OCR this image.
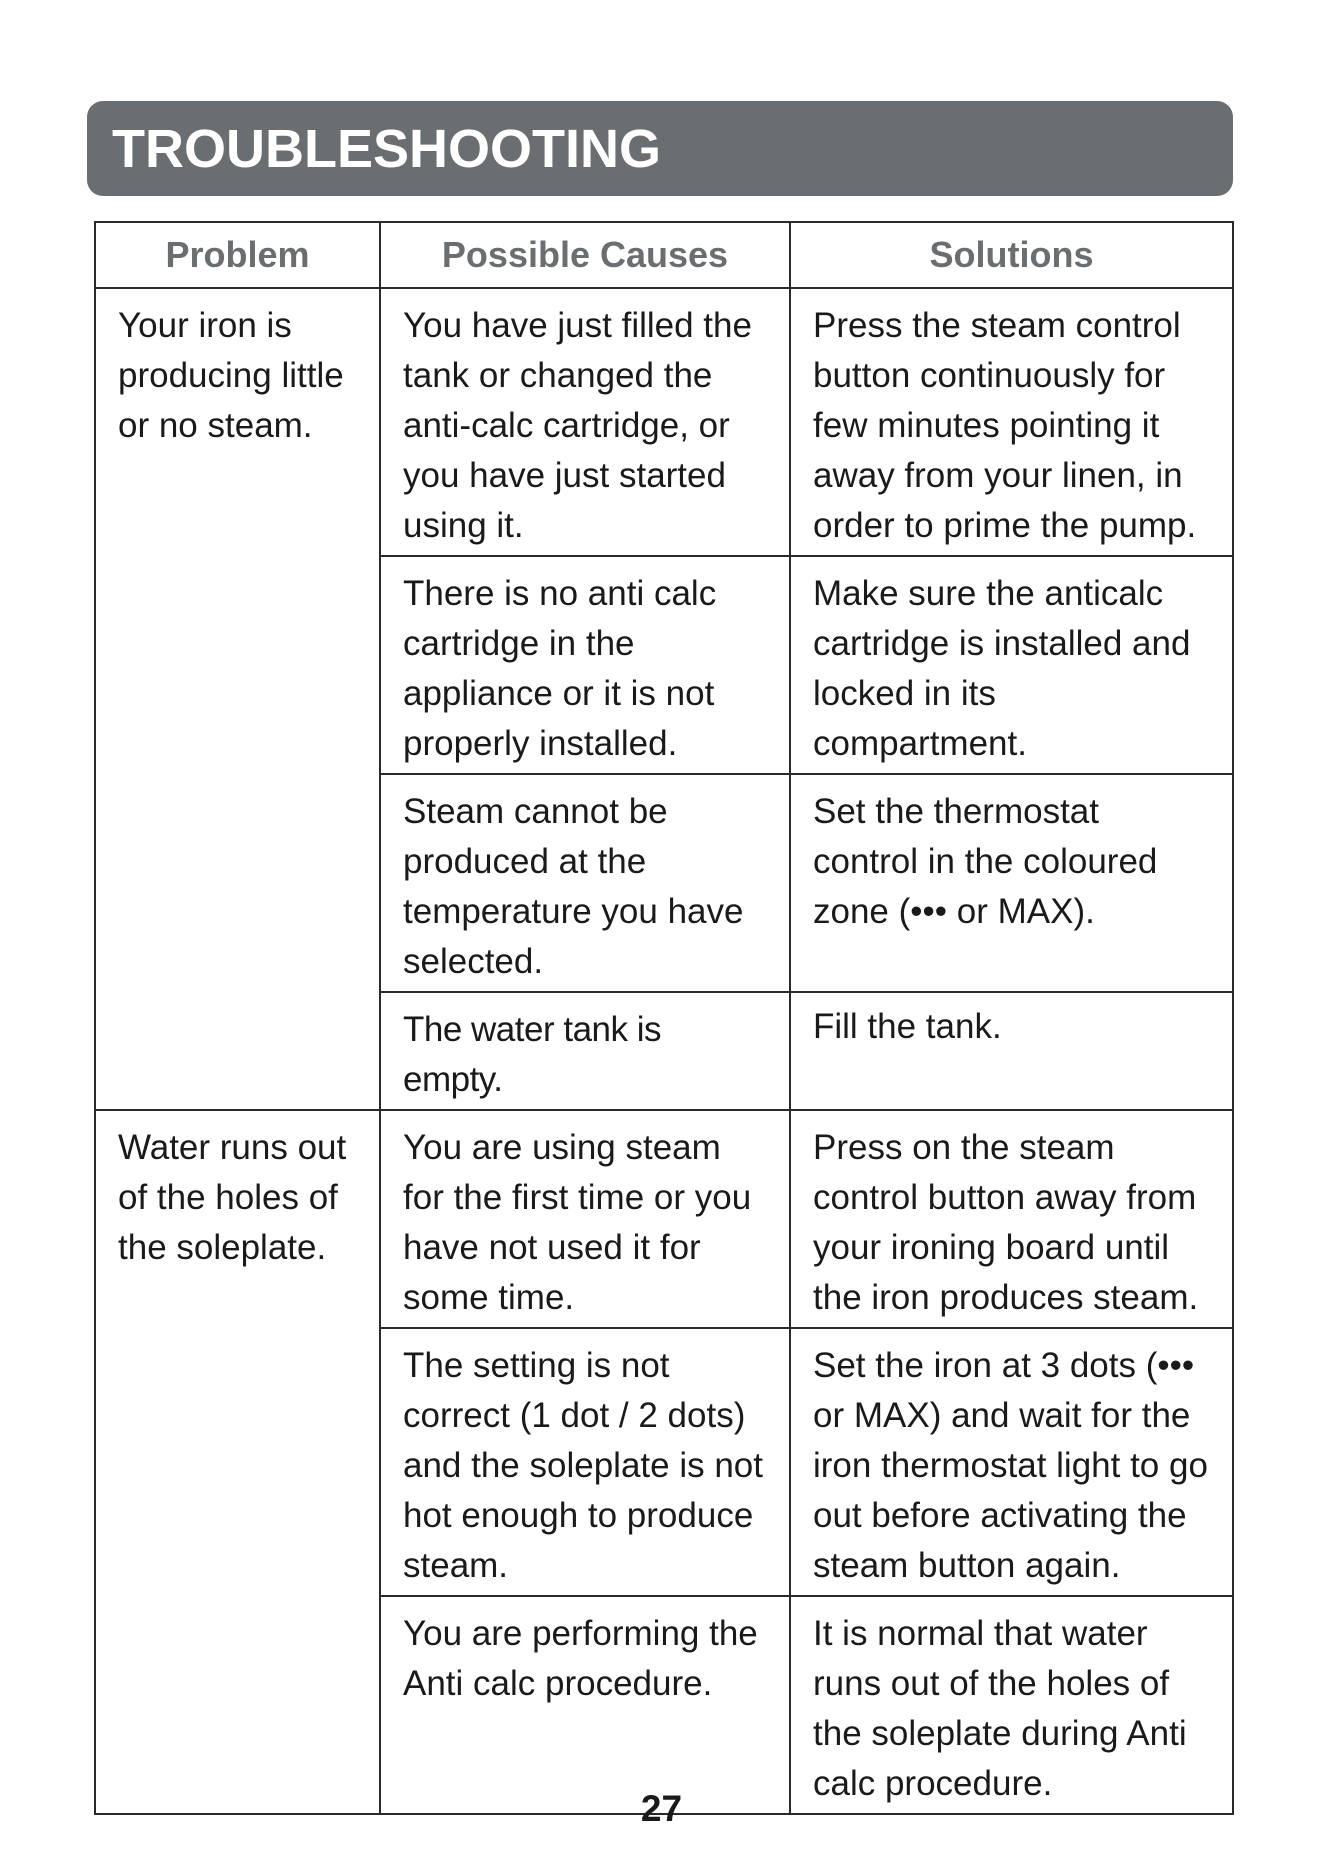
TROUBLESHOOTING
Problem	Possible Causes	Solutions
Your iron is producing little or no steam.	You have just filled the tank or changed the anti-calc cartridge, or you have just started using it.	Press the steam control button continuously for few minutes pointing it away from your linen, in order to prime the pump.
	There is no anti calc cartridge in the appliance or it is not properly installed.	Make sure the anticalc cartridge is installed and locked in its compartment.
	Steam cannot be produced at the temperature you have selected.	Set the thermostat control in the coloured zone (••• or MAX).
	The water tank is empty.	Fill the tank.
Water runs out of the holes of the soleplate.	You are using steam for the first time or you have not used it for some time.	Press on the steam control button away from your ironing board until the iron produces steam.
	The setting is not correct (1 dot / 2 dots) and the soleplate is not hot enough to produce steam.	Set the iron at 3 dots (••• or MAX) and wait for the iron thermostat light to go out before activating the steam button again.
	You are performing the Anti calc procedure.	It is normal that water runs out of the holes of the soleplate during Anti calc procedure.
27
